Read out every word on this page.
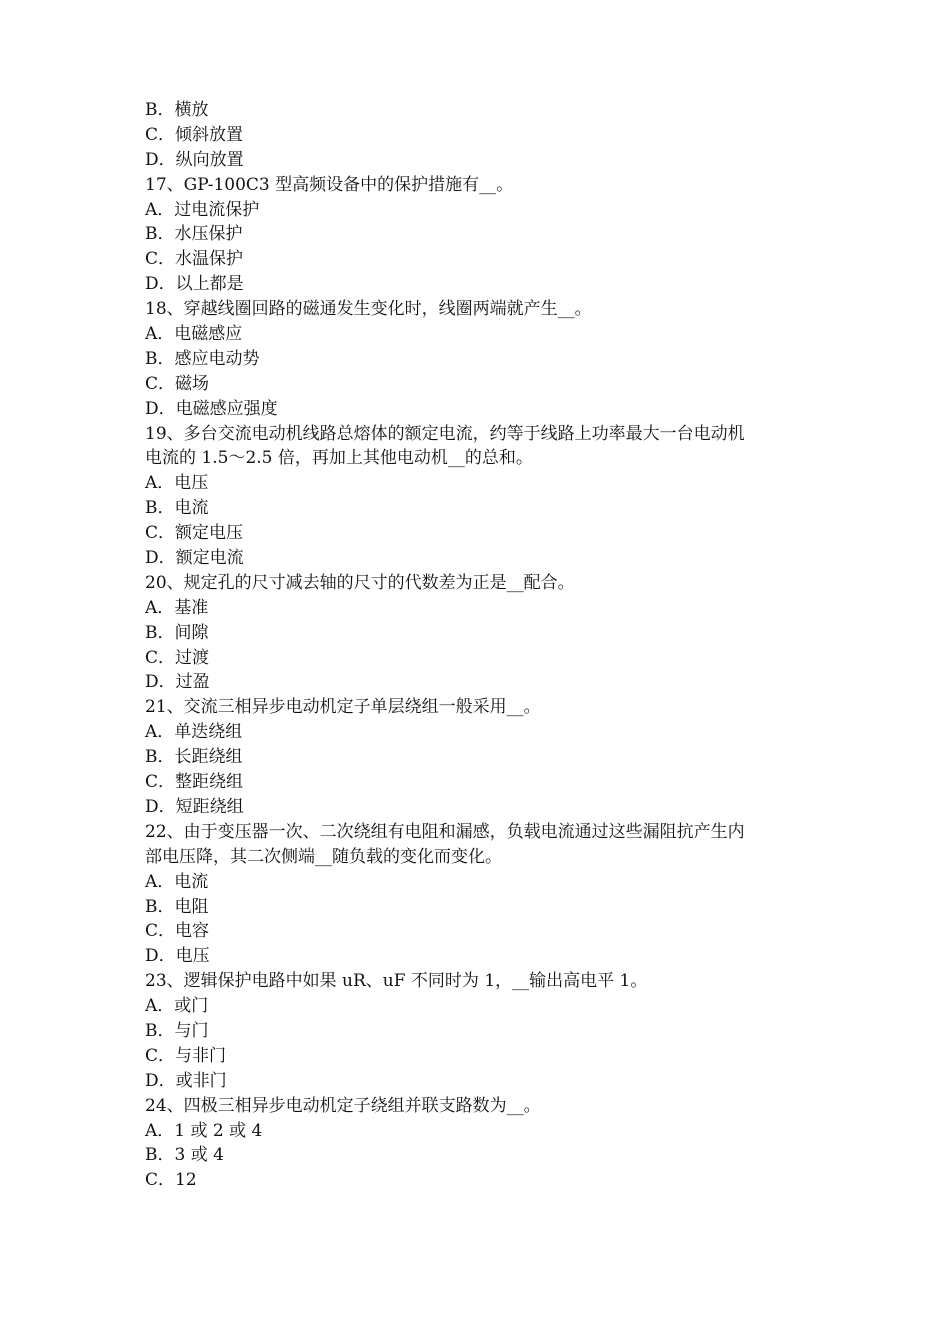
B．横放
C．倾斜放置
D．纵向放置
17、GP-100C3 型高频设备中的保护措施有__。
A．过电流保护
B．水压保护
C．水温保护
D．以上都是
18、穿越线圈回路的磁通发生变化时，线圈两端就产生__。
A．电磁感应
B．感应电动势
C．磁场
D．电磁感应强度
19、多台交流电动机线路总熔体的额定电流，约等于线路上功率最大一台电动机
电流的 1.5～2.5 倍，再加上其他电动机__的总和。
A．电压
B．电流
C．额定电压
D．额定电流
20、规定孔的尺寸减去轴的尺寸的代数差为正是__配合。
A．基准
B．间隙
C．过渡
D．过盈
21、交流三相异步电动机定子单层绕组一般采用__。
A．单迭绕组
B．长距绕组
C．整距绕组
D．短距绕组
22、由于变压器一次、二次绕组有电阻和漏感，负载电流通过这些漏阻抗产生内
部电压降，其二次侧端__随负载的变化而变化。
A．电流
B．电阻
C．电容
D．电压
23、逻辑保护电路中如果 uR、uF 不同时为 1，__输出高电平 1。
A．或门
B．与门
C．与非门
D．或非门
24、四极三相异步电动机定子绕组并联支路数为__。
A．1 或 2 或 4
B．3 或 4
C．12
